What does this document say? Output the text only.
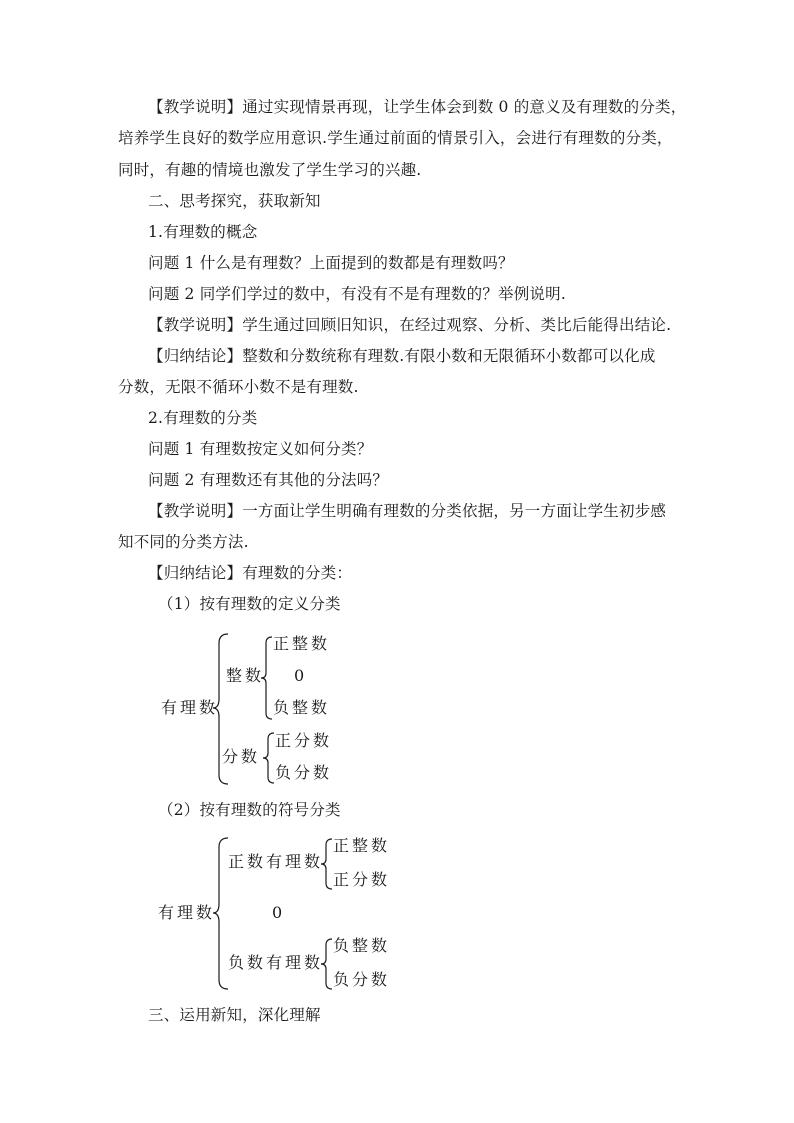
【教学说明】通过实现情景再现，让学生体会到数 0 的意义及有理数的分类，
培养学生良好的数学应用意识.学生通过前面的情景引入，会进行有理数的分类，
同时，有趣的情境也激发了学生学习的兴趣.
二、思考探究，获取新知
1.有理数的概念
问题 1 什么是有理数？上面提到的数都是有理数吗？
问题 2 同学们学过的数中，有没有不是有理数的？举例说明.
【教学说明】学生通过回顾旧知识，在经过观察、分析、类比后能得出结论.
【归纳结论】整数和分数统称有理数.有限小数和无限循环小数都可以化成
分数，无限不循环小数不是有理数.
2.有理数的分类
问题 1 有理数按定义如何分类？
问题 2 有理数还有其他的分法吗？
【教学说明】一方面让学生明确有理数的分类依据，另一方面让学生初步感
知不同的分类方法.
【归纳结论】有理数的分类：
（1）按有理数的定义分类
有理数
整数
正整数
0
负整数
分数
正分数
负分数
（2）按有理数的符号分类
有理数
正数有理数
正整数
正分数
0
负数有理数
负整数
负分数
三、运用新知，深化理解
